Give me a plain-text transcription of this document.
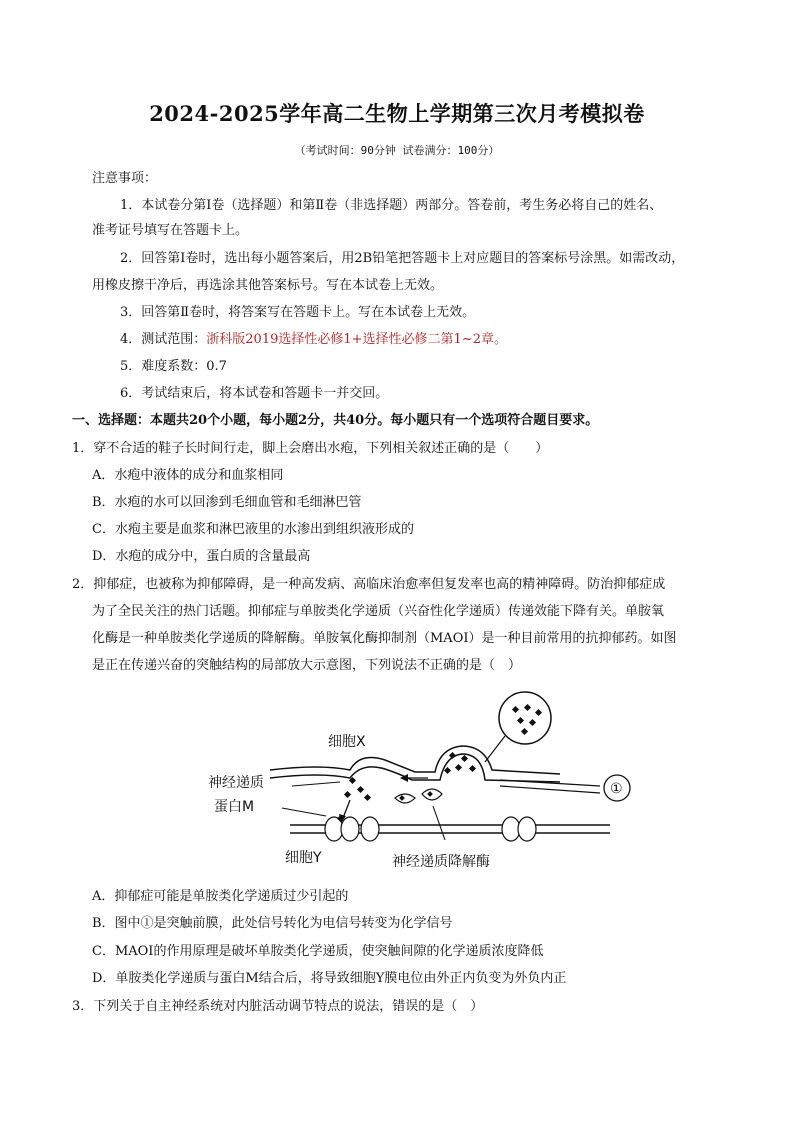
2024-2025学年高二生物上学期第三次月考模拟卷
（考试时间：90分钟 试卷满分：100分）
注意事项：
1．本试卷分第Ⅰ卷（选择题）和第Ⅱ卷（非选择题）两部分。答卷前，考生务必将自己的姓名、
准考证号填写在答题卡上。
2．回答第Ⅰ卷时，选出每小题答案后，用2B铅笔把答题卡上对应题目的答案标号涂黑。如需改动，
用橡皮擦干净后，再选涂其他答案标号。写在本试卷上无效。
3．回答第Ⅱ卷时，将答案写在答题卡上。写在本试卷上无效。
4．测试范围：浙科版2019选择性必修1+选择性必修二第1~2章。
5．难度系数：0.7
6．考试结束后，将本试卷和答题卡一并交回。
一、选择题：本题共20个小题，每小题2分，共40分。每小题只有一个选项符合题目要求。
1．穿不合适的鞋子长时间行走，脚上会磨出水疱，下列相关叙述正确的是（　　）
A．水疱中液体的成分和血浆相同
B．水疱的水可以回渗到毛细血管和毛细淋巴管
C．水疱主要是血浆和淋巴液里的水渗出到组织液形成的
D．水疱的成分中，蛋白质的含量最高
2．抑郁症，也被称为抑郁障碍，是一种高发病、高临床治愈率但复发率也高的精神障碍。防治抑郁症成
为了全民关注的热门话题。抑郁症与单胺类化学递质（兴奋性化学递质）传递效能下降有关。单胺氧
化酶是一种单胺类化学递质的降解酶。单胺氧化酶抑制剂（MAOI）是一种目前常用的抗抑郁药。如图
是正在传递兴奋的突触结构的局部放大示意图，下列说法不正确的是（　）
细胞X
神经递质
蛋白M
细胞Y	神经递质降解酶
①
A．抑郁症可能是单胺类化学递质过少引起的
B．图中①是突触前膜，此处信号转化为电信号转变为化学信号
C．MAOI的作用原理是破坏单胺类化学递质，使突触间隙的化学递质浓度降低
D．单胺类化学递质与蛋白M结合后，将导致细胞Y膜电位由外正内负变为外负内正
3．下列关于自主神经系统对内脏活动调节特点的说法，错误的是（　）
